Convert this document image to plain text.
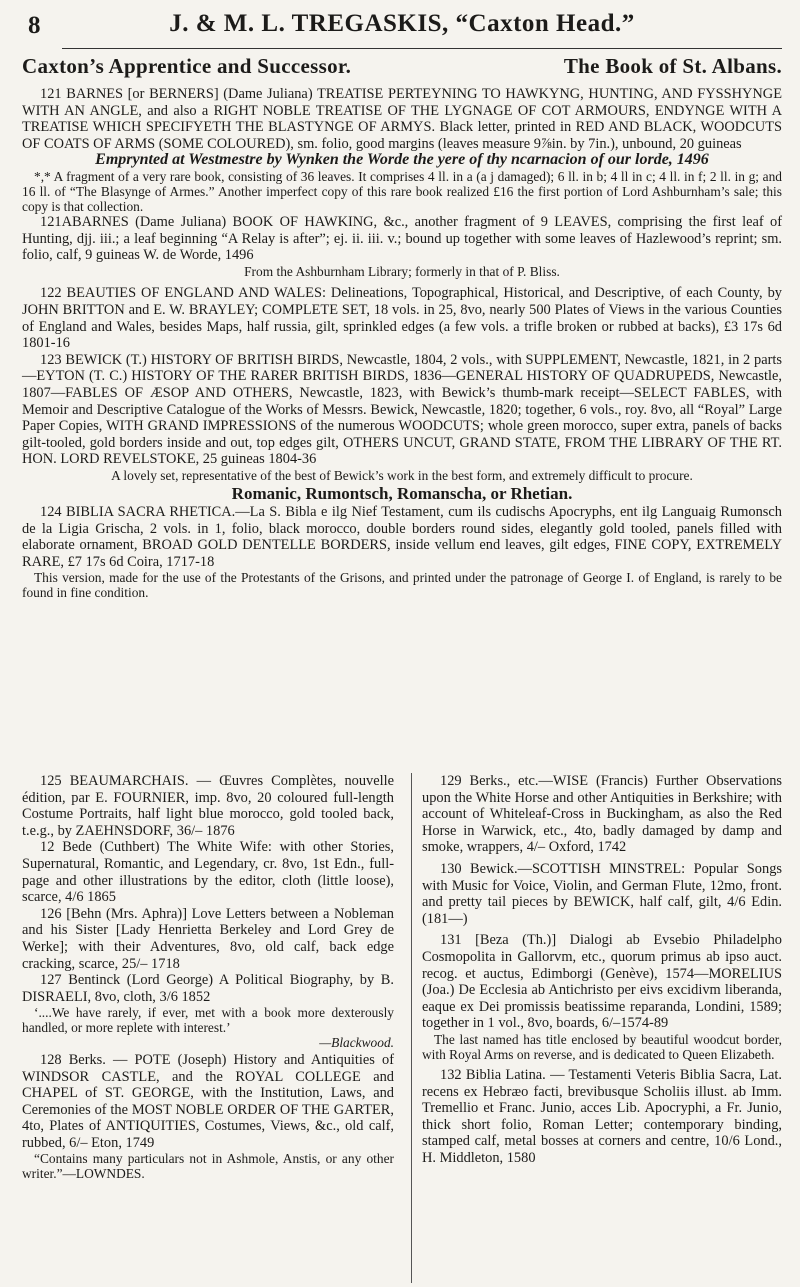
8	J. & M. L. TREGASKIS, “Caxton Head.”
Caxton’s Apprentice and Successor.	The Book of St. Albans.

121 BARNES [or BERNERS] (Dame Juliana) TREATISE PERTEYNING TO HAWKYNG, HUNTING, AND FYSSHYNGE WITH AN ANGLE, and also a RIGHT NOBLE TREATISE OF THE LYGNAGE OF COT ARMOURS, ENDYNGE WITH A TREATISE WHICH SPECIFYETH THE BLASTYNGE OF ARMYS. Black letter, printed in RED AND BLACK, WOODCUTS OF COATS OF ARMS (SOME COLOURED), sm. folio, good margins (leaves measure 9⅞in. by 7in.), unbound, 20 guineas

Emprynted at Westmestre by Wynken the Worde the yere of thy ncarnacion of our lorde, 1496

*,* A fragment of a very rare book, consisting of 36 leaves. It comprises 4 ll. in a (a j damaged); 6 ll. in b; 4 ll in c; 4 ll. in f; 2 ll. in g; and 16 ll. of “The Blasynge of Armes.” Another imperfect copy of this rare book realized £16 the first portion of Lord Ashburnham’s sale; this copy is that collection.

121ABARNES (Dame Juliana) BOOK OF HAWKING, &c., another fragment of 9 LEAVES, comprising the first leaf of Hunting, djj. iii.; a leaf beginning “A Relay is after”; ej. ii. iii. v.; bound up together with some leaves of Hazlewood’s reprint; sm. folio, calf, 9 guineas W. de Worde, 1496

From the Ashburnham Library; formerly in that of P. Bliss.

122 BEAUTIES OF ENGLAND AND WALES: Delineations, Topographical, Historical, and Descriptive, of each County, by JOHN BRITTON and E. W. BRAYLEY; COMPLETE SET, 18 vols. in 25, 8vo, nearly 500 Plates of Views in the various Counties of England and Wales, besides Maps, half russia, gilt, sprinkled edges (a few vols. a trifle broken or rubbed at backs), £3 17s 6d 1801-16

123 BEWICK (T.) HISTORY OF BRITISH BIRDS, Newcastle, 1804, 2 vols., with SUPPLEMENT, Newcastle, 1821, in 2 parts—EYTON (T. C.) HISTORY OF THE RARER BRITISH BIRDS, 1836—GENERAL HISTORY OF QUADRUPEDS, Newcastle, 1807—FABLES OF ÆSOP AND OTHERS, Newcastle, 1823, with Bewick’s thumb-mark receipt—SELECT FABLES, with Memoir and Descriptive Catalogue of the Works of Messrs. Bewick, Newcastle, 1820; together, 6 vols., roy. 8vo, all “Royal” Large Paper Copies, WITH GRAND IMPRESSIONS of the numerous WOODCUTS; whole green morocco, super extra, panels of backs gilt-tooled, gold borders inside and out, top edges gilt, OTHERS UNCUT, GRAND STATE, FROM THE LIBRARY OF THE RT. HON. LORD REVELSTOKE, 25 guineas 1804-36

A lovely set, representative of the best of Bewick’s work in the best form, and extremely difficult to procure.

Romanic, Rumontsch, Romanscha, or Rhetian.

124 BIBLIA SACRA RHETICA.—La S. Bibla e ilg Nief Testament, cum ils cudischs Apocryphs, ent ilg Languaig Rumonsch de la Ligia Grischa, 2 vols. in 1, folio, black morocco, double borders round sides, elegantly gold tooled, panels filled with elaborate ornament, BROAD GOLD DENTELLE BORDERS, inside vellum end leaves, gilt edges, FINE COPY, EXTREMELY RARE, £7 17s 6d Coira, 1717-18

This version, made for the use of the Protestants of the Grisons, and printed under the patronage of George I. of England, is rarely to be found in fine condition.

125 BEAUMARCHAIS. — Œuvres Complètes, nouvelle édition, par E. FOURNIER, imp. 8vo, 20 coloured full-length Costume Portraits, half light blue morocco, gold tooled back, t.e.g., by ZAEHNSDORF, 36/– 1876

12 Bede (Cuthbert) The White Wife: with other Stories, Supernatural, Romantic, and Legendary, cr. 8vo, 1st Edn., full-page and other illustrations by the editor, cloth (little loose), scarce, 4/6 1865

126 [Behn (Mrs. Aphra)] Love Letters between a Nobleman and his Sister [Lady Henrietta Berkeley and Lord Grey de Werke]; with their Adventures, 8vo, old calf, back edge cracking, scarce, 25/– 1718

127 Bentinck (Lord George) A Political Biography, by B. DISRAELI, 8vo, cloth, 3/6 1852

‘....We have rarely, if ever, met with a book more dexterously handled, or more replete with interest.’

—Blackwood.

128 Berks. — POTE (Joseph) History and Antiquities of WINDSOR CASTLE, and the ROYAL COLLEGE and CHAPEL of ST. GEORGE, with the Institution, Laws, and Ceremonies of the MOST NOBLE ORDER OF THE GARTER, 4to, Plates of ANTIQUITIES, Costumes, Views, &c., old calf, rubbed, 6/– Eton, 1749

“Contains many particulars not in Ashmole, Anstis, or any other writer.”—LOWNDES.

129 Berks., etc.—WISE (Francis) Further Observations upon the White Horse and other Antiquities in Berkshire; with account of Whiteleaf-Cross in Buckingham, as also the Red Horse in Warwick, etc., 4to, badly damaged by damp and smoke, wrappers, 4/– Oxford, 1742

130 Bewick.—SCOTTISH MINSTREL: Popular Songs with Music for Voice, Violin, and German Flute, 12mo, front. and pretty tail pieces by BEWICK, half calf, gilt, 4/6 Edin. (181—)

131 [Beza (Th.)] Dialogi ab Evsebio Philadelpho Cosmopolita in Gallorvm, etc., quorum primus ab ipso auct. recog. et auctus, Edimborgi (Genève), 1574—MORELIUS (Joa.) De Ecclesia ab Antichristo per eivs excidivm liberanda, eaque ex Dei promissis beatissime reparanda, Londini, 1589; together in 1 vol., 8vo, boards, 6/–1574-89

The last named has title enclosed by beautiful woodcut border, with Royal Arms on reverse, and is dedicated to Queen Elizabeth.

132 Biblia Latina. — Testamenti Veteris Biblia Sacra, Lat. recens ex Hebræo facti, brevibusque Scholiis illust. ab Imm. Tremellio et Franc. Junio, acces Lib. Apocryphi, a Fr. Junio, thick short folio, Roman Letter; contemporary binding, stamped calf, metal bosses at corners and centre, 10/6 Lond., H. Middleton, 1580
